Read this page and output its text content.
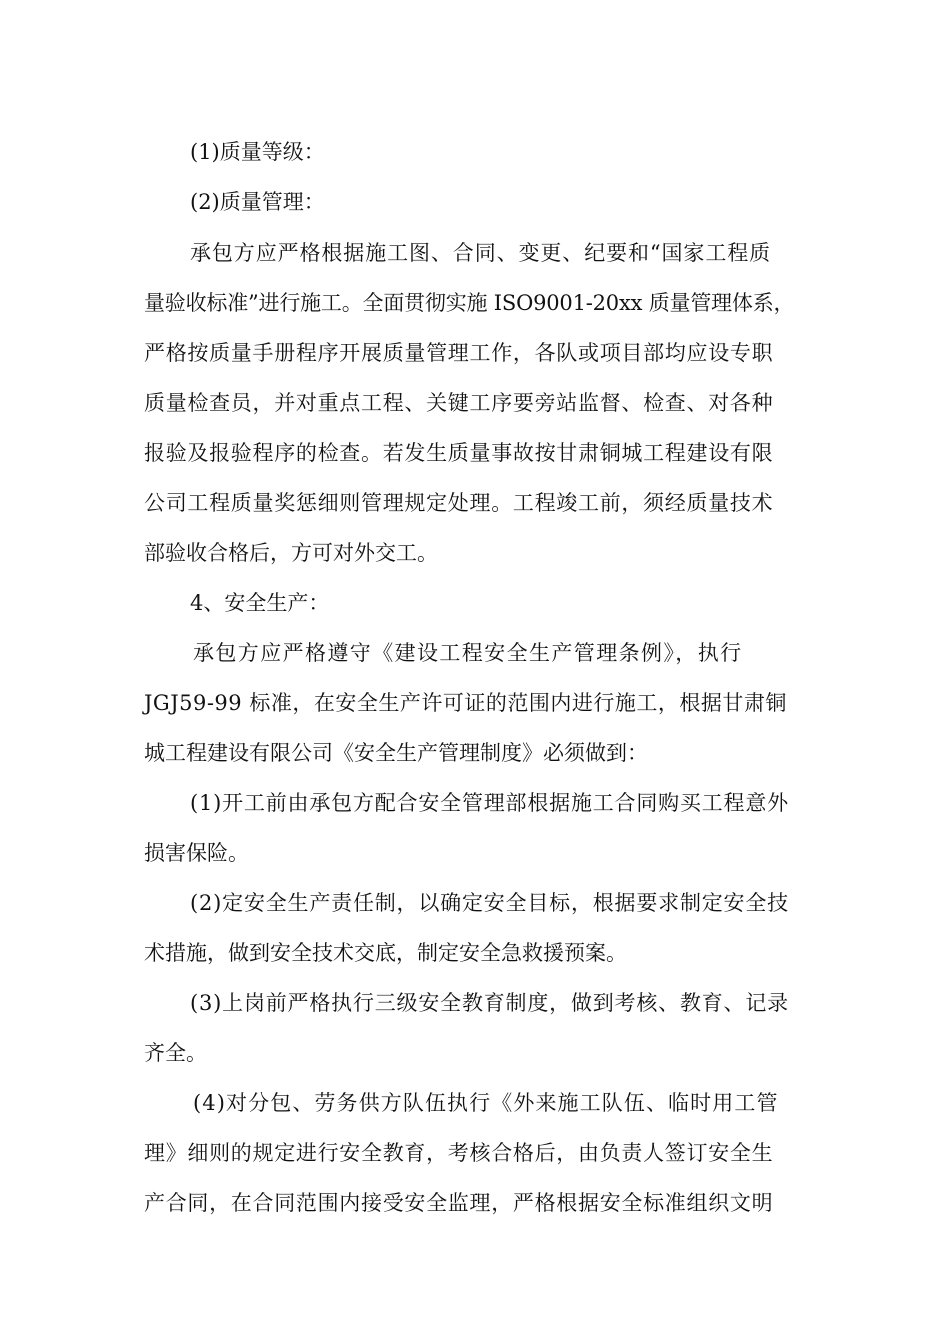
(1)质量等级：
(2)质量管理：
承包方应严格根据施工图、合同、变更、纪要和“国家工程质
量验收标准”进行施工。全面贯彻实施 ISO9001-20xx 质量管理体系，
严格按质量手册程序开展质量管理工作，各队或项目部均应设专职
质量检查员，并对重点工程、关键工序要旁站监督、检查、对各种
报验及报验程序的检查。若发生质量事故按甘肃铜城工程建设有限
公司工程质量奖惩细则管理规定处理。工程竣工前，须经质量技术
部验收合格后，方可对外交工。
4、安全生产：
承包方应严格遵守《建设工程安全生产管理条例》，执行
JGJ59-99 标准，在安全生产许可证的范围内进行施工，根据甘肃铜
城工程建设有限公司《安全生产管理制度》必须做到：
(1)开工前由承包方配合安全管理部根据施工合同购买工程意外
损害保险。
(2)定安全生产责任制，以确定安全目标，根据要求制定安全技
术措施，做到安全技术交底，制定安全急救援预案。
(3)上岗前严格执行三级安全教育制度，做到考核、教育、记录
齐全。
(4)对分包、劳务供方队伍执行《外来施工队伍、临时用工管
理》细则的规定进行安全教育，考核合格后，由负责人签订安全生
产合同，在合同范围内接受安全监理，严格根据安全标准组织文明
